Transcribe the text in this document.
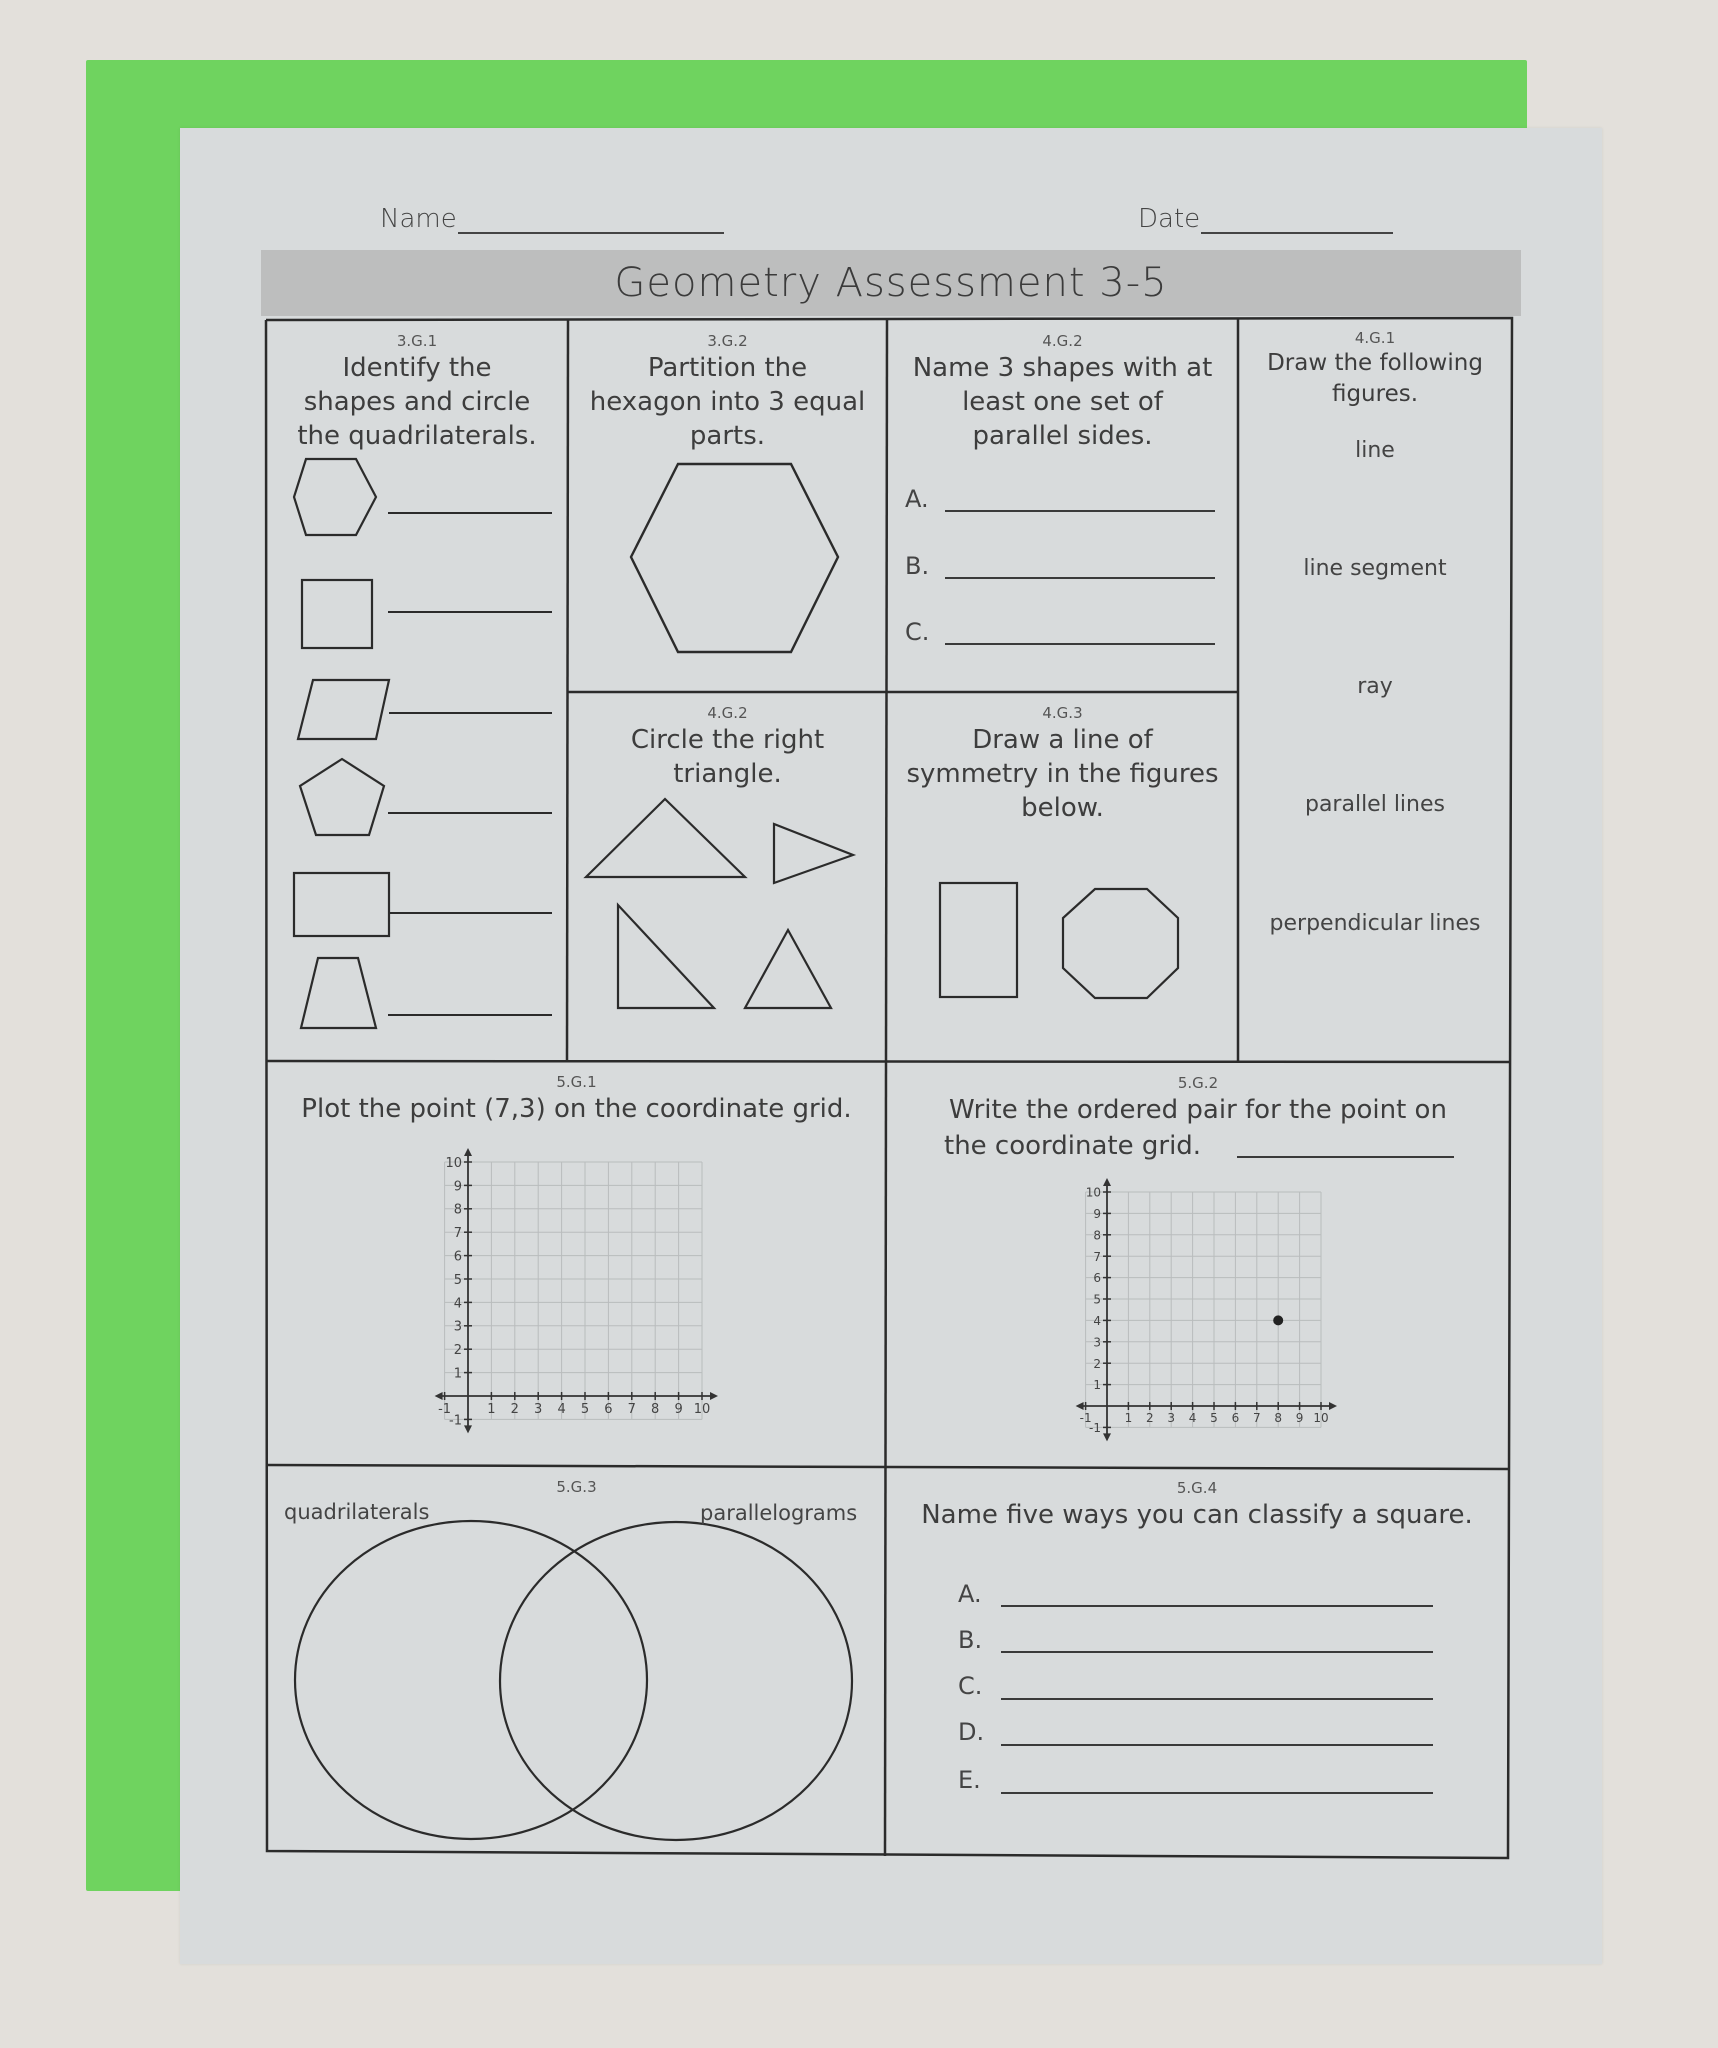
Name	Date
Geometry Assessment 3-5
-1	1 2 3 4 5 6 7 8 9 10
10
9
8
7
6
5
4
3
2
1
-1	-1	1 2 3 4 5 6 7 8 9 10
10
9
8
7
6
5
4
3
2
1
-1
3.G.1
Identify the
shapes and circle
the quadrilaterals.
3.G.2
Partition the
hexagon into 3 equal
parts.
4.G.2
Name 3 shapes with at
least one set of
parallel sides.
A.
B.
C.
4.G.1
Draw the following
figures.
line
line segment
ray
parallel lines
perpendicular lines
4.G.2
Circle the right
triangle.
4.G.3
Draw a line of
symmetry in the figures
below.
5.G.1
Plot the point (7,3) on the coordinate grid.
5.G.2
Write the ordered pair for the point on
the coordinate grid.
5.G.3
quadrilaterals	parallelograms
5.G.4
Name five ways you can classify a square.
A.
B.
C.
D.
E.
